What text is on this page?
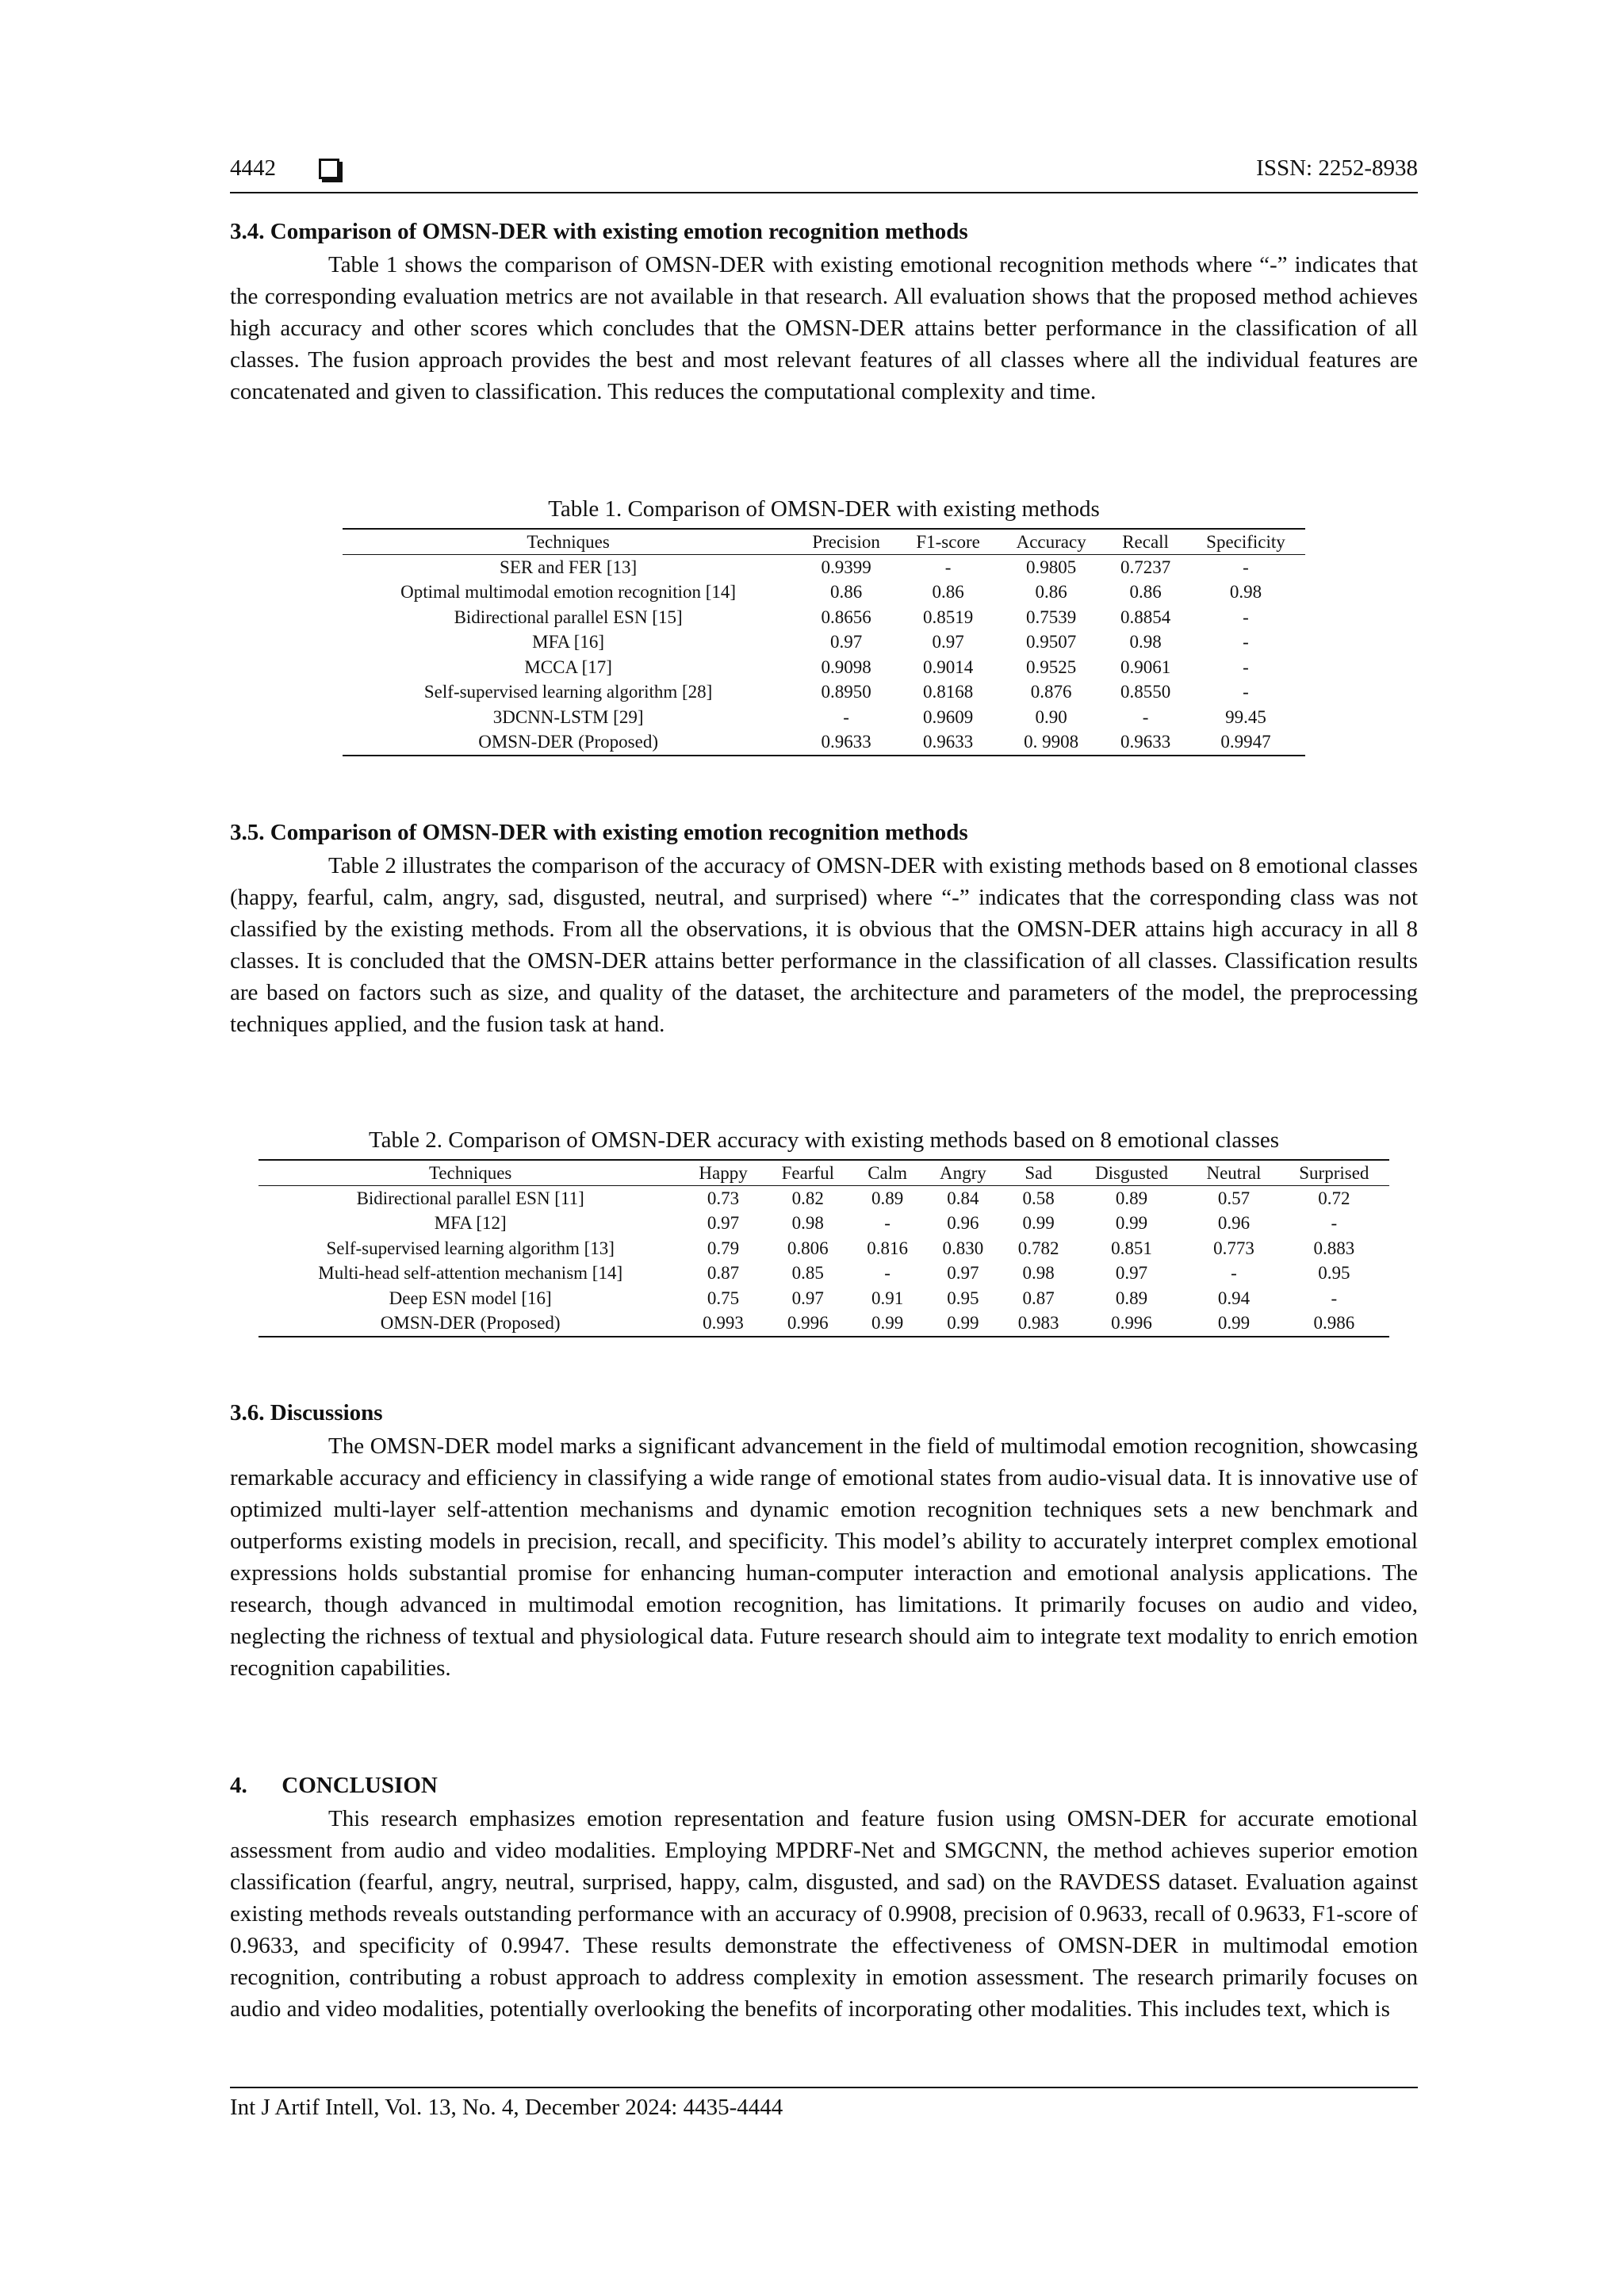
4442	ISSN: 2252-8938
3.4. Comparison of OMSN-DER with existing emotion recognition methods

Table 1 shows the comparison of OMSN-DER with existing emotional recognition methods where “-” indicates that the corresponding evaluation metrics are not available in that research. All evaluation shows that the proposed method achieves high accuracy and other scores which concludes that the OMSN-DER attains better performance in the classification of all classes. The fusion approach provides the best and most relevant features of all classes where all the individual features are concatenated and given to classification. This reduces the computational complexity and time.

Table 1. Comparison of OMSN-DER with existing methods
Techniques	Precision	F1-score	Accuracy	Recall	Specificity
SER and FER [13]	0.9399	-	0.9805	0.7237	-
Optimal multimodal emotion recognition [14]	0.86	0.86	0.86	0.86	0.98
Bidirectional parallel ESN [15]	0.8656	0.8519	0.7539	0.8854	-
MFA [16]	0.97	0.97	0.9507	0.98	-
MCCA [17]	0.9098	0.9014	0.9525	0.9061	-
Self-supervised learning algorithm [28]	0.8950	0.8168	0.876	0.8550	-
3DCNN-LSTM [29]	-	0.9609	0.90	-	99.45
OMSN-DER (Proposed)	0.9633	0.9633	0. 9908	0.9633	0.9947
3.5. Comparison of OMSN-DER with existing emotion recognition methods

Table 2 illustrates the comparison of the accuracy of OMSN-DER with existing methods based on 8 emotional classes (happy, fearful, calm, angry, sad, disgusted, neutral, and surprised) where “-” indicates that the corresponding class was not classified by the existing methods. From all the observations, it is obvious that the OMSN-DER attains high accuracy in all 8 classes. It is concluded that the OMSN-DER attains better performance in the classification of all classes. Classification results are based on factors such as size, and quality of the dataset, the architecture and parameters of the model, the preprocessing techniques applied, and the fusion task at hand.

Table 2. Comparison of OMSN-DER accuracy with existing methods based on 8 emotional classes
Techniques	Happy	Fearful	Calm	Angry	Sad	Disgusted	Neutral	Surprised
Bidirectional parallel ESN [11]	0.73	0.82	0.89	0.84	0.58	0.89	0.57	0.72
MFA [12]	0.97	0.98	-	0.96	0.99	0.99	0.96	-
Self-supervised learning algorithm [13]	0.79	0.806	0.816	0.830	0.782	0.851	0.773	0.883
Multi-head self-attention mechanism [14]	0.87	0.85	-	0.97	0.98	0.97	-	0.95
Deep ESN model [16]	0.75	0.97	0.91	0.95	0.87	0.89	0.94	-
OMSN-DER (Proposed)	0.993	0.996	0.99	0.99	0.983	0.996	0.99	0.986
3.6. Discussions

The OMSN-DER model marks a significant advancement in the field of multimodal emotion recognition, showcasing remarkable accuracy and efficiency in classifying a wide range of emotional states from audio-visual data. It is innovative use of optimized multi-layer self-attention mechanisms and dynamic emotion recognition techniques sets a new benchmark and outperforms existing models in precision, recall, and specificity. This model’s ability to accurately interpret complex emotional expressions holds substantial promise for enhancing human-computer interaction and emotional analysis applications. The research, though advanced in multimodal emotion recognition, has limitations. It primarily focuses on audio and video, neglecting the richness of textual and physiological data. Future research should aim to integrate text modality to enrich emotion recognition capabilities.

4.      CONCLUSION

This research emphasizes emotion representation and feature fusion using OMSN-DER for accurate emotional assessment from audio and video modalities. Employing MPDRF-Net and SMGCNN, the method achieves superior emotion classification (fearful, angry, neutral, surprised, happy, calm, disgusted, and sad) on the RAVDESS dataset. Evaluation against existing methods reveals outstanding performance with an accuracy of 0.9908, precision of 0.9633, recall of 0.9633, F1-score of 0.9633, and specificity of 0.9947. These results demonstrate the effectiveness of OMSN-DER in multimodal emotion recognition, contributing a robust approach to address complexity in emotion assessment. The research primarily focuses on audio and video modalities, potentially overlooking the benefits of incorporating other modalities. This includes text, which is

Int J Artif Intell, Vol. 13, No. 4, December 2024: 4435-4444
